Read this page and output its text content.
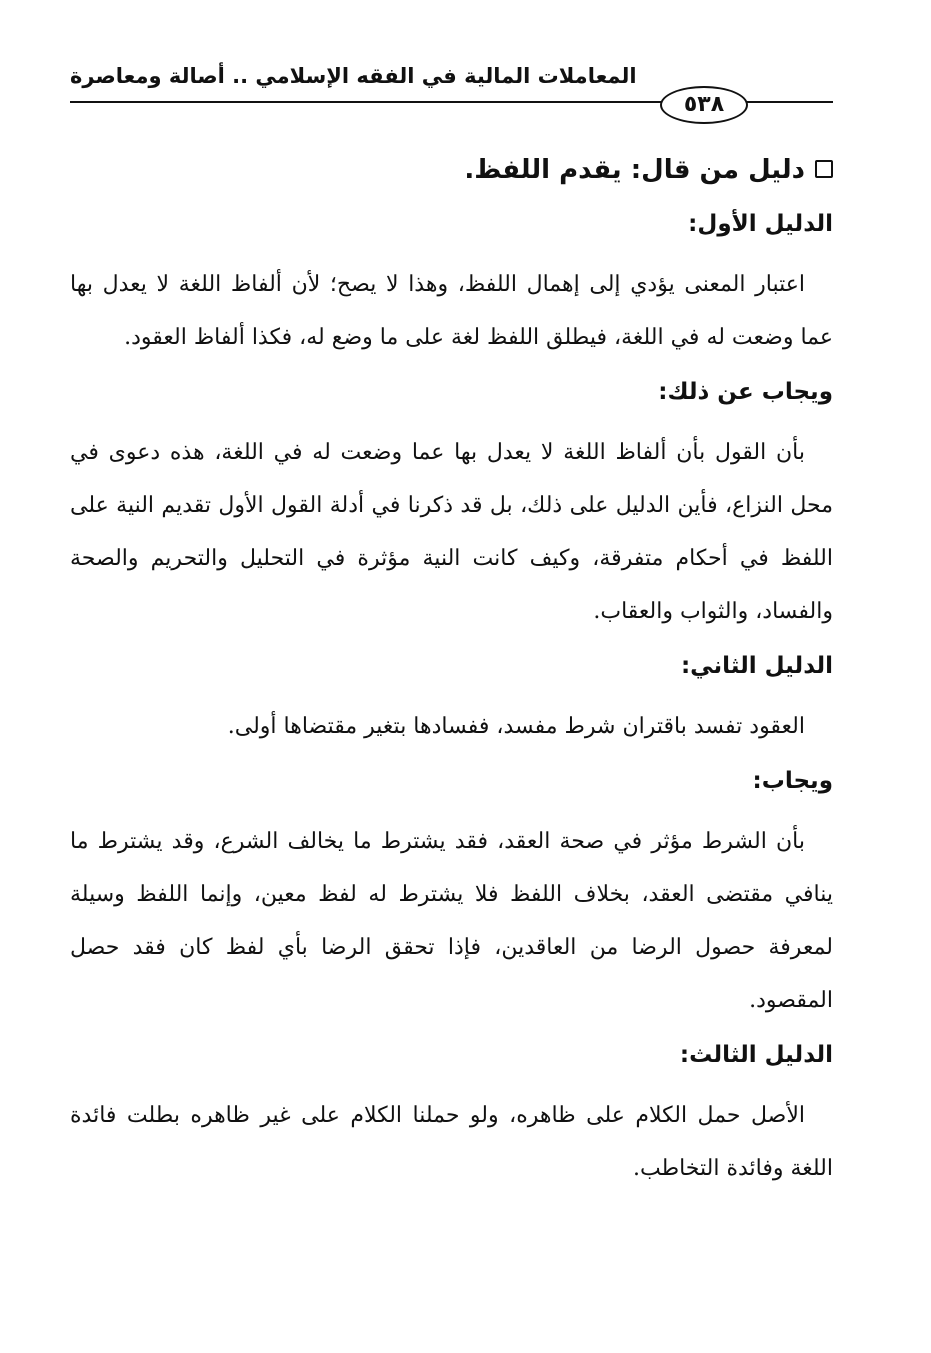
المعاملات المالية في الفقه الإسلامي .. أصالة ومعاصرة
٥٣٨
دليل من قال: يقدم اللفظ.
الدليل الأول:

اعتبار المعنى يؤدي إلى إهمال اللفظ، وهذا لا يصح؛ لأن ألفاظ اللغة لا يعدل بها عما وضعت له في اللغة، فيطلق اللفظ لغة على ما وضع له، فكذا ألفاظ العقود.

ويجاب عن ذلك:

بأن القول بأن ألفاظ اللغة لا يعدل بها عما وضعت له في اللغة، هذه دعوى في محل النزاع، فأين الدليل على ذلك، بل قد ذكرنا في أدلة القول الأول تقديم النية على اللفظ في أحكام متفرقة، وكيف كانت النية مؤثرة في التحليل والتحريم والصحة والفساد، والثواب والعقاب.

الدليل الثاني:

العقود تفسد باقتران شرط مفسد، ففسادها بتغير مقتضاها أولى.

ويجاب:

بأن الشرط مؤثر في صحة العقد، فقد يشترط ما يخالف الشرع، وقد يشترط ما ينافي مقتضى العقد، بخلاف اللفظ فلا يشترط له لفظ معين، وإنما اللفظ وسيلة لمعرفة حصول الرضا من العاقدين، فإذا تحقق الرضا بأي لفظ كان فقد حصل المقصود.

الدليل الثالث:

الأصل حمل الكلام على ظاهره، ولو حملنا الكلام على غير ظاهره بطلت فائدة اللغة وفائدة التخاطب.
